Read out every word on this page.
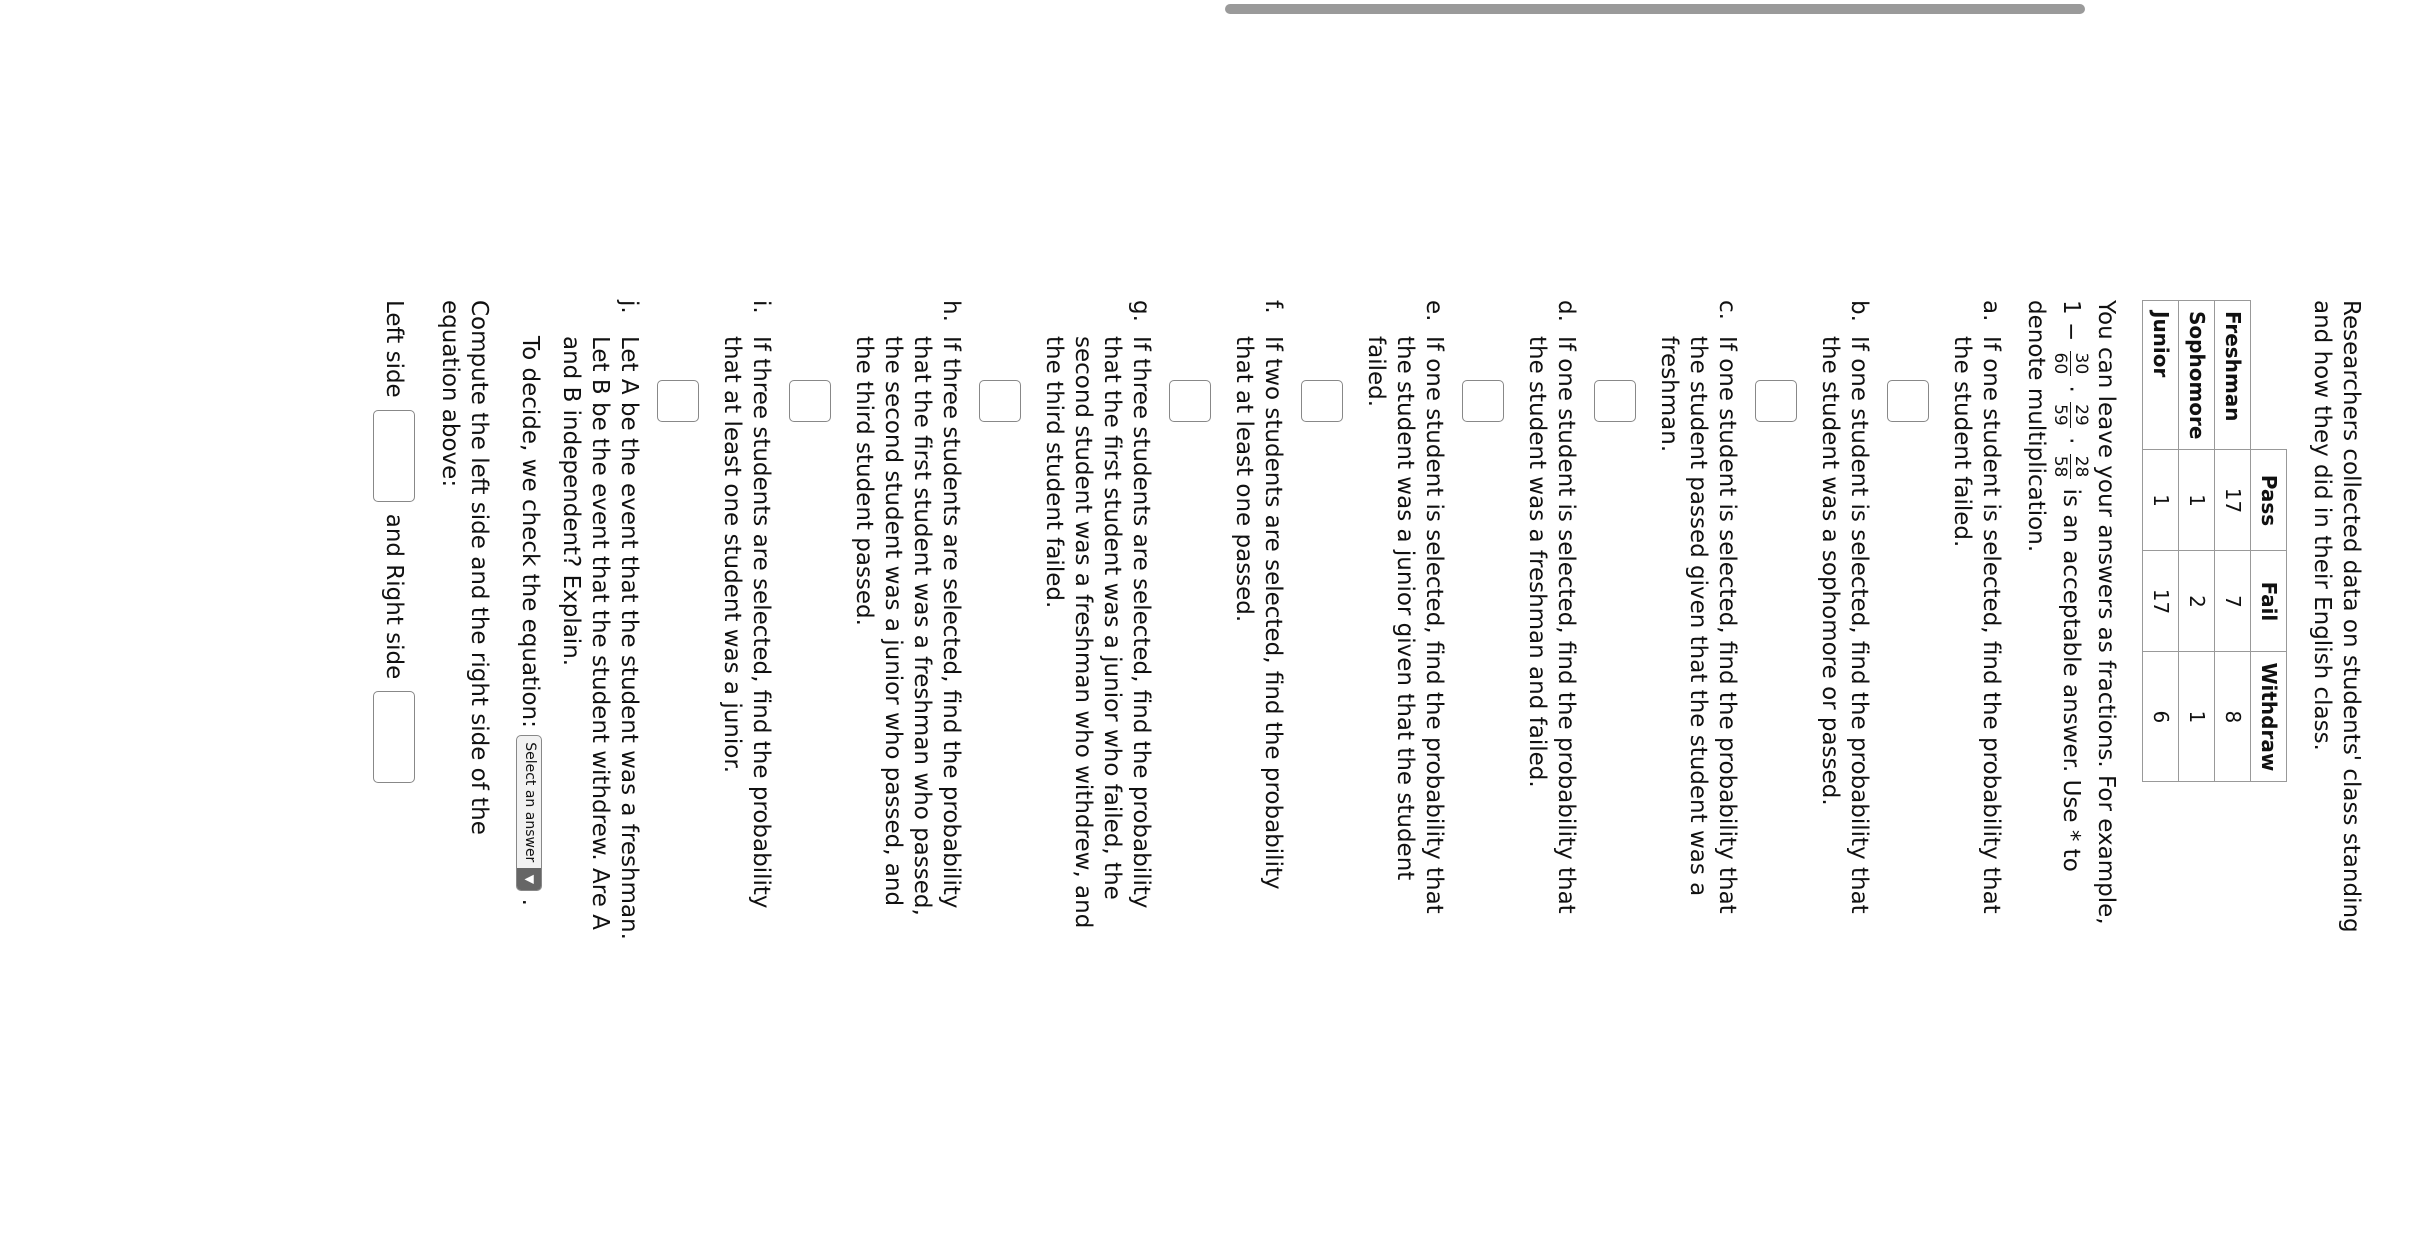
Researchers collected data on students' class standing and how they did in their English class.

	Pass	Fail	Withdraw
Freshman	17	7	8
Sophomore	1	2	1
Junior	1	17	6

You can leave your answers as fractions. For example, 1 −
30
60
·
29
59
·
28
58
is an acceptable answer. Use * to denote multiplication.

a.
If one student is selected, find the probability that the student failed.
b.
If one student is selected, find the probability that the student was a sophomore or passed.
c.
If one student is selected, find the probability that the student passed given that the student was a freshman.
d.
If one student is selected, find the probability that the student was a freshman and failed.
e.
If one student is selected, find the probability that the student was a junior given that the student failed.
f.
If two students are selected, find the probability that at least one passed.
g.
If three students are selected, find the probability that the first student was a junior who failed, the second student was a freshman who withdrew, and the third student failed.
h.
If three students are selected, find the probability that the first student was a freshman who passed, the second student was a junior who passed, and the third student passed.
i.
If three students are selected, find the probability that at least one student was a junior.
j.
Let A be the event that the student was a freshman. Let B be the event that the student withdrew. Are A and B independent? Explain.

To decide, we check the equation:
Select an answer
▼
.

Compute the left side and the right side of the equation above:

Left side
and Right side
